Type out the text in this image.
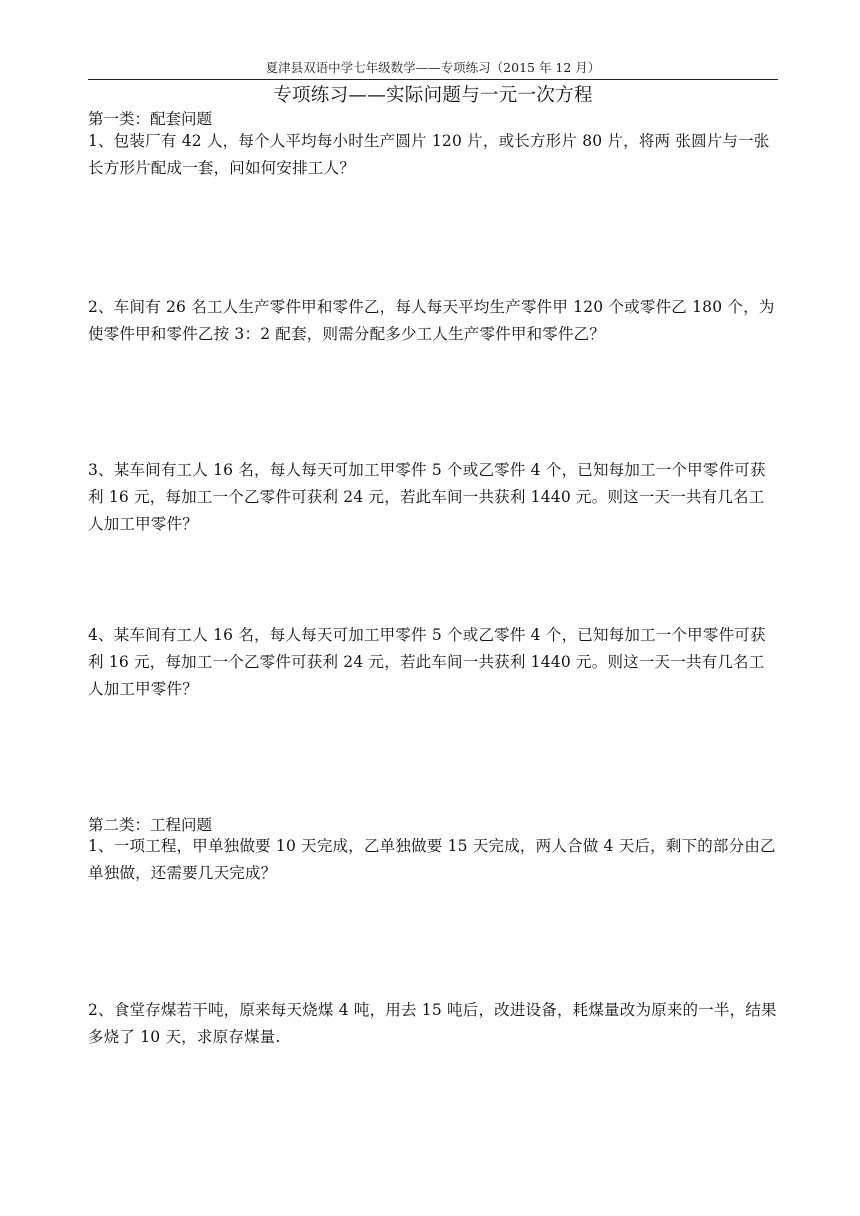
夏津县双语中学七年级数学——专项练习（2015 年 12 月）
专项练习——实际问题与一元一次方程
第一类：配套问题
1、包装厂有 42 人，每个人平均每小时生产圆片 120 片，或长方形片 80 片，将两 张圆片与一张长方形片配成一套，问如何安排工人？
2、车间有 26 名工人生产零件甲和零件乙，每人每天平均生产零件甲 120 个或零件乙 180 个，为使零件甲和零件乙按 3：2 配套，则需分配多少工人生产零件甲和零件乙？
3、某车间有工人 16 名，每人每天可加工甲零件 5 个或乙零件 4 个，已知每加工一个甲零件可获利 16 元，每加工一个乙零件可获利 24 元，若此车间一共获利 1440 元。则这一天一共有几名工人加工甲零件？
4、某车间有工人 16 名，每人每天可加工甲零件 5 个或乙零件 4 个，已知每加工一个甲零件可获利 16 元，每加工一个乙零件可获利 24 元，若此车间一共获利 1440 元。则这一天一共有几名工人加工甲零件？
第二类：工程问题
1、一项工程，甲单独做要 10 天完成，乙单独做要 15 天完成，两人合做 4 天后，剩下的部分由乙单独做，还需要几天完成？
2、食堂存煤若干吨，原来每天烧煤 4 吨，用去 15 吨后，改进设备，耗煤量改为原来的一半，结果多烧了 10 天，求原存煤量.
